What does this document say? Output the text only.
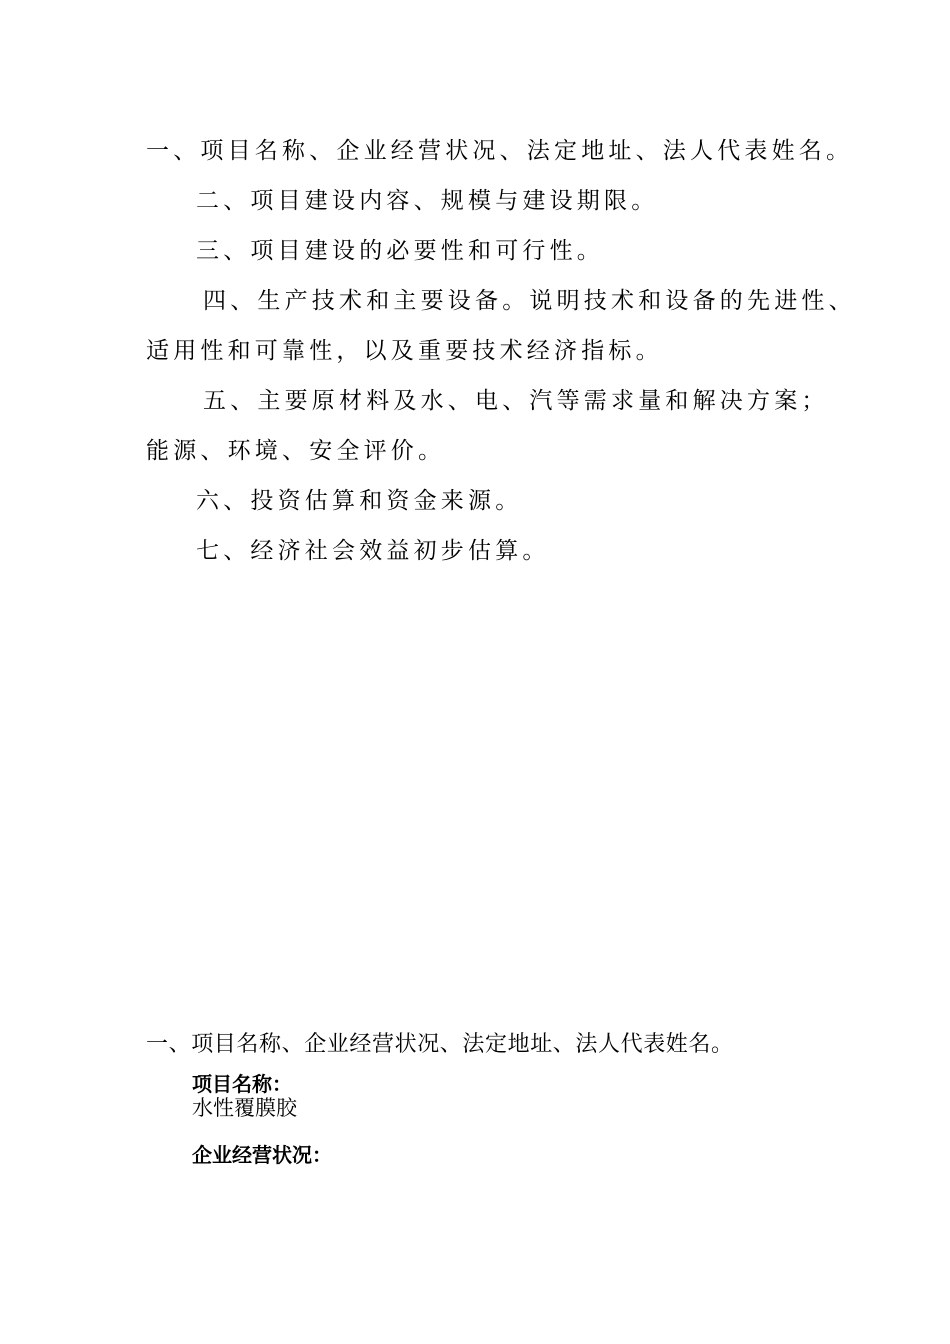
一、项目名称、企业经营状况、法定地址、法人代表姓名。
二、项目建设内容、规模与建设期限。
三、项目建设的必要性和可行性。
四、生产技术和主要设备。说明技术和设备的先进性、
适用性和可靠性，以及重要技术经济指标。
五、主要原材料及水、电、汽等需求量和解决方案；
能源、环境、安全评价。
六、投资估算和资金来源。
七、经济社会效益初步估算。
一、项目名称、企业经营状况、法定地址、法人代表姓名。
项目名称：
水性覆膜胶
企业经营状况：
